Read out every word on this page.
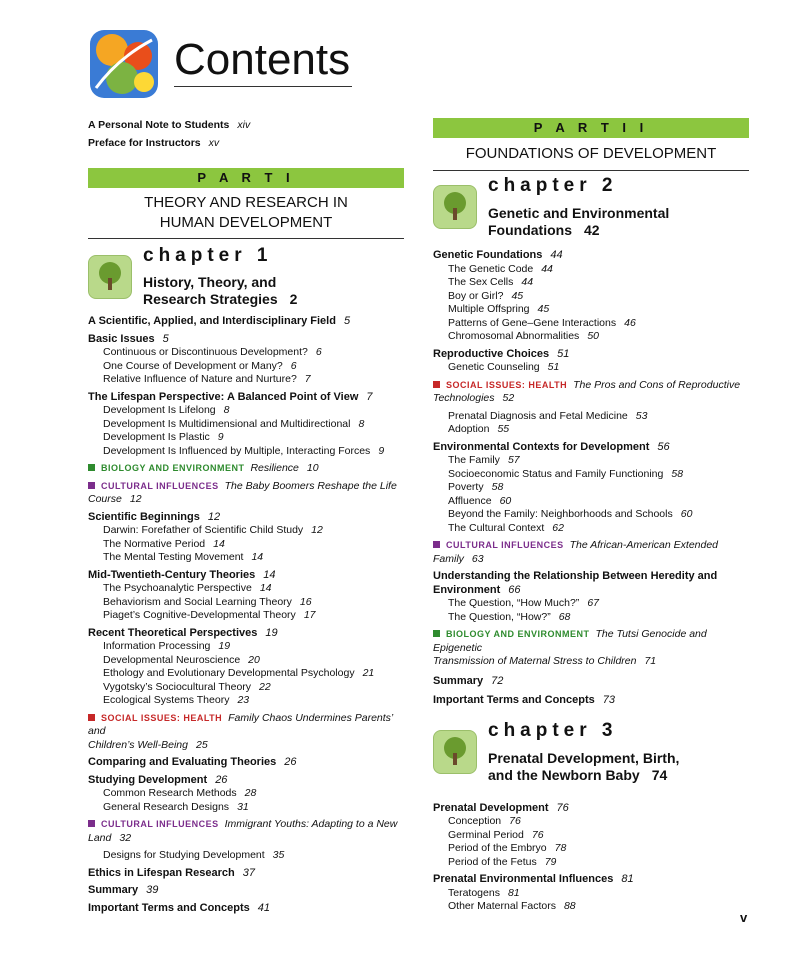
Contents
A Personal Note to Students xiv
Preface for Instructors xv
P A R T I
THEORY AND RESEARCH IN
HUMAN DEVELOPMENT
chapter 1
History, Theory, and
Research Strategies 2
A Scientific, Applied, and Interdisciplinary Field 5
Basic Issues 5
Continuous or Discontinuous Development? 6
One Course of Development or Many? 6
Relative Influence of Nature and Nurture? 7
The Lifespan Perspective: A Balanced Point of View 7
Development Is Lifelong 8
Development Is Multidimensional and Multidirectional 8
Development Is Plastic 9
Development Is Influenced by Multiple, Interacting Forces 9
BIOLOGY AND ENVIRONMENT Resilience 10
CULTURAL INFLUENCES The Baby Boomers Reshape the Life
Course 12
Scientific Beginnings 12
Darwin: Forefather of Scientific Child Study 12
The Normative Period 14
The Mental Testing Movement 14
Mid-Twentieth-Century Theories 14
The Psychoanalytic Perspective 14
Behaviorism and Social Learning Theory 16
Piaget’s Cognitive-Developmental Theory 17
Recent Theoretical Perspectives 19
Information Processing 19
Developmental Neuroscience 20
Ethology and Evolutionary Developmental Psychology 21
Vygotsky’s Sociocultural Theory 22
Ecological Systems Theory 23
SOCIAL ISSUES: HEALTH Family Chaos Undermines Parents’ and
Children’s Well-Being 25
Comparing and Evaluating Theories 26
Studying Development 26
Common Research Methods 28
General Research Designs 31
CULTURAL INFLUENCES Immigrant Youths: Adapting to a New
Land 32
Designs for Studying Development 35
Ethics in Lifespan Research 37
Summary 39
Important Terms and Concepts 41
P A R T I I
FOUNDATIONS OF DEVELOPMENT
chapter 2
Genetic and Environmental
Foundations 42
Genetic Foundations 44
The Genetic Code 44
The Sex Cells 44
Boy or Girl? 45
Multiple Offspring 45
Patterns of Gene–Gene Interactions 46
Chromosomal Abnormalities 50
Reproductive Choices 51
Genetic Counseling 51
SOCIAL ISSUES: HEALTH The Pros and Cons of Reproductive
Technologies 52
Prenatal Diagnosis and Fetal Medicine 53
Adoption 55
Environmental Contexts for Development 56
The Family 57
Socioeconomic Status and Family Functioning 58
Poverty 58
Affluence 60
Beyond the Family: Neighborhoods and Schools 60
The Cultural Context 62
CULTURAL INFLUENCES The African-American Extended
Family 63
Understanding the Relationship Between Heredity and
Environment 66
The Question, “How Much?” 67
The Question, “How?” 68
BIOLOGY AND ENVIRONMENT The Tutsi Genocide and Epigenetic
Transmission of Maternal Stress to Children 71
Summary 72
Important Terms and Concepts 73
chapter 3
Prenatal Development, Birth,
and the Newborn Baby 74
Prenatal Development 76
Conception 76
Germinal Period 76
Period of the Embryo 78
Period of the Fetus 79
Prenatal Environmental Influences 81
Teratogens 81
Other Maternal Factors 88
v
